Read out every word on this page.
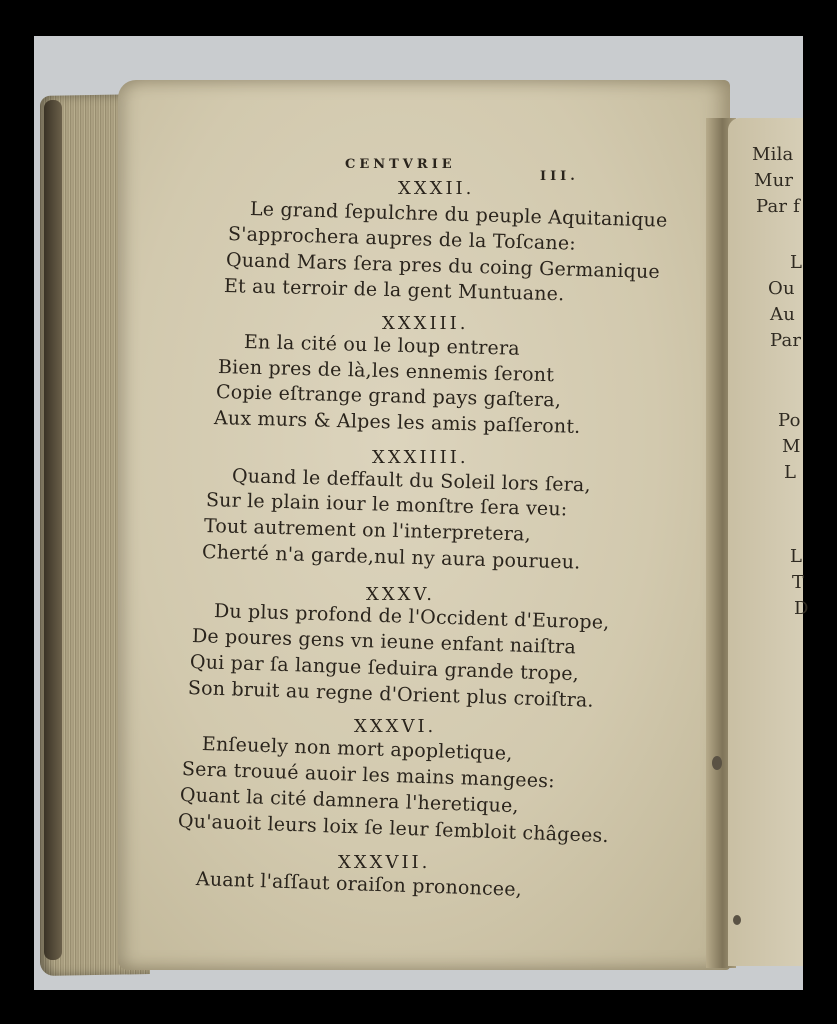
CENTVRIE
III.
XXXII.
Le grand ſepulchre du peuple Aquitanique
S'approchera aupres de la Toſcane:
Quand Mars ſera pres du coing Germanique
Et au terroir de la gent Muntuane.
XXXIII.
En la cité ou le loup entrera
Bien pres de là,les ennemis ſeront
Copie eſtrange grand pays gaſtera,
Aux murs & Alpes les amis paſſeront.
XXXIIII.
Quand le deffault du Soleil lors ſera,
Sur le plain iour le monſtre ſera veu:
Tout autrement on l'interpretera,
Cherté n'a garde,nul ny aura pourueu.
XXXV.
Du plus profond de l'Occident d'Europe,
De poures gens vn ieune enfant naiſtra
Qui par ſa langue ſeduira grande trope,
Son bruit au regne d'Orient plus croiſtra.
XXXVI.
Enſeuely non mort apopletique,
Sera trouué auoir les mains mangees:
Quant la cité damnera l'heretique,
Qu'auoit leurs loix ſe leur ſembloit châgees.
XXXVII.
Auant l'aſſaut oraiſon prononcee,
Mila
Mur
Par f
L
Ou
Au
Par
Po
M
L
L
T
D
